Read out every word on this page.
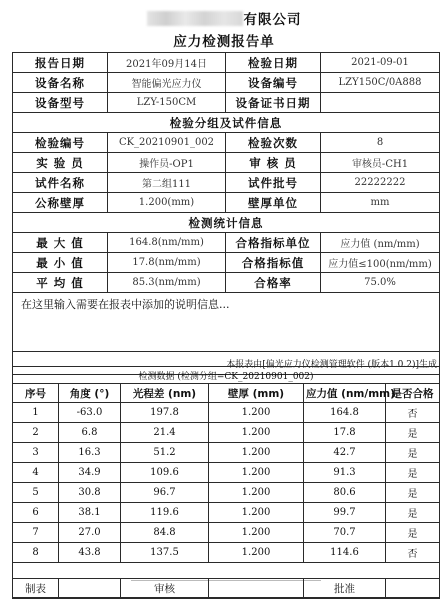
有限公司
应力检测报告单
报告日期	2021年09月14日	检验日期	2021-09-01
设备名称	智能偏光应力仪	设备编号	LZY150C/0A888
设备型号	LZY-150CM	设备证书日期	
检验分组及试件信息			
检验编号	CK_20210901_002	检验次数	8
实 验 员	操作员-OP1	审 核 员	审核员-CH1
试件名称	第二组111	试件批号	22222222
公称壁厚	1.200(mm)	壁厚单位	mm
检测统计信息			
最 大 值	164.8(nm/mm)	合格指标单位	应力值 (nm/mm)
最 小 值	17.8(nm/mm)	合格指标值	应力值≤100(nm/mm)
平 均 值	85.3(nm/mm)	合格率	75.0%
在这里输入需要在报表中添加的说明信息...			
本报表由[偏光应力仪检测管理软件 (版本1.0.2)]生成			
检测数据 (检测分组=CK_20210901_002)					
序号	角度 (°)	光程差 (nm)	壁厚 (mm)	应力值 (nm/mm)	是否合格
1	-63.0	197.8	1.200	164.8	否
2	6.8	21.4	1.200	17.8	是
3	16.3	51.2	1.200	42.7	是
4	34.9	109.6	1.200	91.3	是
5	30.8	96.7	1.200	80.6	是
6	38.1	119.6	1.200	99.7	是
7	27.0	84.8	1.200	70.7	是
8	43.8	137.5	1.200	114.6	否

制表		审核		批准	
